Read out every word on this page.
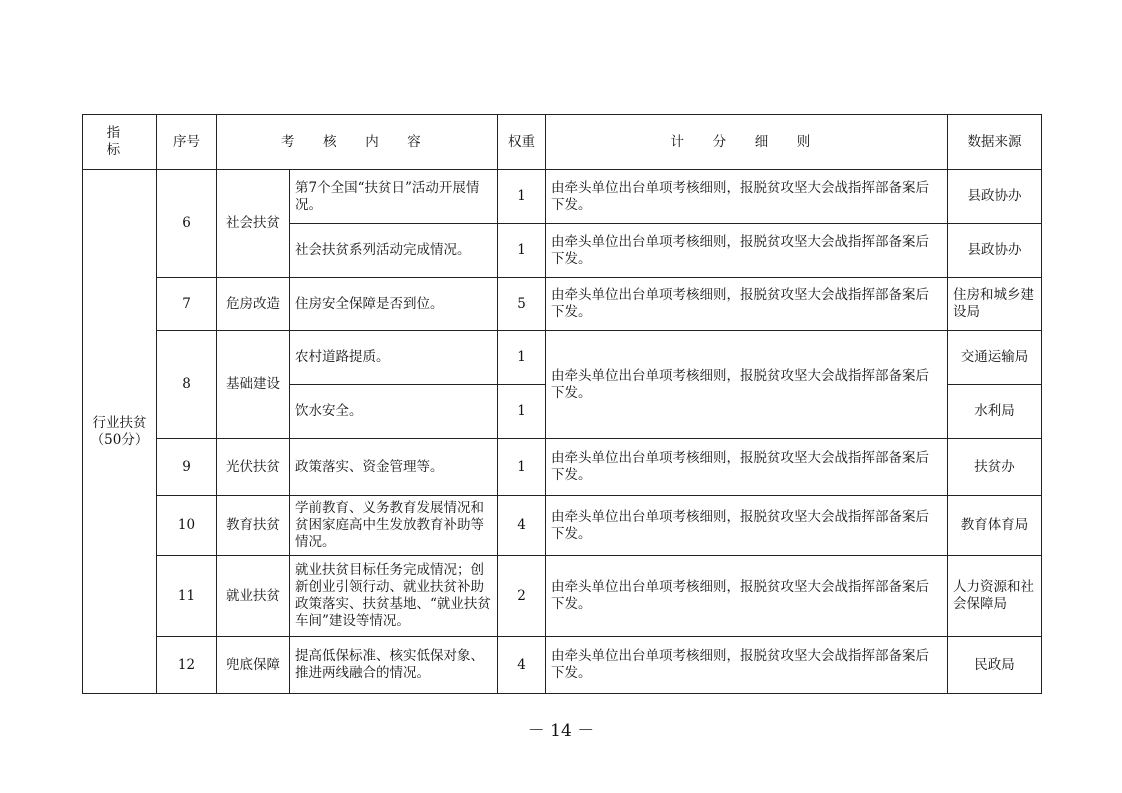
指 标	序号	考 核 内 容		权重	计 分 细 则	数据来源

行业扶贫
（50分）	6	社会扶贫	第7个全国“扶贫日”活动开展情况。	1	由牵头单位出台单项考核细则，报脱贫攻坚大会战指挥部备案后下发。	县政协办
			社会扶贫系列活动完成情况。	1	由牵头单位出台单项考核细则，报脱贫攻坚大会战指挥部备案后下发。	县政协办
	7	危房改造	住房安全保障是否到位。	5	由牵头单位出台单项考核细则，报脱贫攻坚大会战指挥部备案后下发。	住房和城乡建设局
	8	基础建设	农村道路提质。	1	由牵头单位出台单项考核细则，报脱贫攻坚大会战指挥部备案后下发。	交通运输局
			饮水安全。	1		水利局
	9	光伏扶贫	政策落实、资金管理等。	1	由牵头单位出台单项考核细则，报脱贫攻坚大会战指挥部备案后下发。	扶贫办
	10	教育扶贫	学前教育、义务教育发展情况和贫困家庭高中生发放教育补助等情况。	4	由牵头单位出台单项考核细则，报脱贫攻坚大会战指挥部备案后下发。	教育体育局
	11	就业扶贫	就业扶贫目标任务完成情况；创新创业引领行动、就业扶贫补助政策落实、扶贫基地、“就业扶贫车间”建设等情况。	2	由牵头单位出台单项考核细则，报脱贫攻坚大会战指挥部备案后下发。	人力资源和社会保障局
	12	兜底保障	提高低保标准、核实低保对象、推进两线融合的情况。	4	由牵头单位出台单项考核细则，报脱贫攻坚大会战指挥部备案后下发。	民政局
－ 14 －
